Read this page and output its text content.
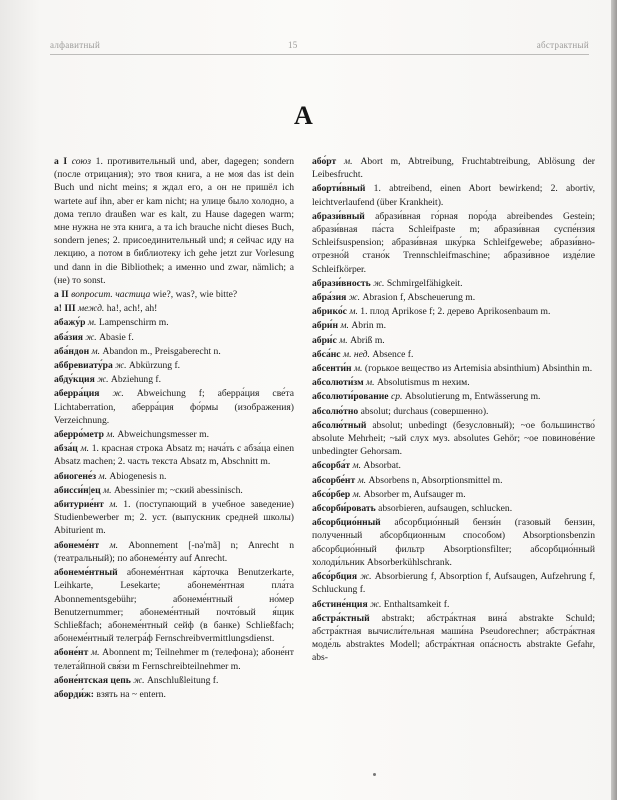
алфавитный	15	абстрактный
А

а I союз 1. противительный und, aber, dagegen; sondern (после отрицания); это твоя книга, а не моя das ist dein Buch und nicht meins; я ждал его, а он не пришёл ich wartete auf ihn, aber er kam nicht; на улице было холодно, а дома тепло draußen war es kalt, zu Hause dagegen warm; мне нужна не эта книга, а та ich brauche nicht dieses Buch, sondern jenes; 2. присоединительный und; я сейчас иду на лекцию, а потом в библиотеку ich gehe jetzt zur Vorlesung und dann in die Bibliothek; а именно und zwar, nämlich; а (не) то sonst.

а II вопросит. частица wie?, was?, wie bitte?

а! III межд. ha!, ach!, ah!

абажу́р м. Lampenschirm m.

аба́зия ж. Abasie f.

аба́ндон м. Abandon m., Preisgaberecht n.

аббревиату́ра ж. Abkürzung f.

абду́кция ж. Abziehung f.

аберра́ция ж. Abweichung f; аберра́ция све́та Lichtaberration, аберра́ция фо́рмы (изображения) Verzeichnung.

аберро́метр м. Abweichungsmesser m.

абза́ц м. 1. красная строка Absatz m; нача́ть с абза́ца einen Absatz machen; 2. часть текста Absatz m, Abschnitt m.

абиогене́з м. Abiogenesis n.

абисси́н|ец м. Abessinier m; ~ский abessinisch.

абитурие́нт м. 1. (поступающий в учебное заведение) Studienbewerber m; 2. уст. (выпускник средней школы) Abiturient m.

абонеме́нт м. Abonnement [-nə'mã] n; Anrecht n (театральный); по абонеме́нту auf Anrecht.

абонеме́нтный абонеме́нтная ка́рточка Benutzerkarte, Leihkarte, Lesekarte; абонеме́нтная пла́та Abonnementsgebühr; абонеме́нтный но́мер Benutzernummer; абонеме́нтный почто́вый я́щик Schließfach; абонеме́нтный сейф (в банке) Schließfach; абонеме́нтный телегра́ф Fernschreibvermittlungsdienst.

абоне́нт м. Abonnent m; Teilnehmer m (телефона); абоне́нт телета́йпной свя́зи m Fernschreibteilnehmer m.

абоне́нтская цепь ж. Anschlußleitung f.

аборди́ж: взять на ~ entern.

або́рт м. Abort m, Abtreibung, Fruchtabtreibung, Ablösung der Leibesfrucht.

аборти́вный 1. abtreibend, einen Abort bewirkend; 2. abortiv, leichtverlaufend (über Krankheit).

абрази́вный абрази́вная го́рная поро́да abreibendes Gestein; абрази́вная па́ста Schleifpaste m; абрази́вная суспе́нзия Schleifsuspension; абрази́вная шку́рка Schleifgewebe; абрази́вно-отрезно́й стано́к Trennschleifmaschine; абрази́вное изде́лие Schleifkörper.

абрази́вность ж. Schmirgelfähigkeit.

абра́зия ж. Abrasion f, Abscheuerung m.

абрико́с м. 1. плод Aprikose f; 2. дерево Aprikosenbaum m.

абри́н м. Abrin m.

абри́с м. Abriß m.

абса́нс м. нед. Absence f.

абсенти́н м. (горькое вещество из Artemisia absinthium) Absinthin m.

абсолюти́зм м. Absolutismus m нехим.

абсолюти́рование ср. Absolutierung m, Entwässerung m.

абсолю́тно absolut; durchaus (совершенно).

абсолю́тный absolut; unbedingt (безусловный); ~ое большинство́ absolute Mehrheit; ~ый слух муз. absolutes Gehör; ~ое повинове́ние unbedingter Gehorsam.

абсорба́т м. Absorbat.

абсорбе́нт м. Absorbens n, Absorptionsmittel m.

абсо́рбер м. Absorber m, Aufsauger m.

абсорби́ровать absorbieren, aufsaugen, schlucken.

абсорбцио́нный абсорбцио́нный бензи́н (газовый бензин, полученный абсорбционным способом) Absorptionsbenzin абсорбцио́нный фильтр Absorptionsfilter; абсорбцио́нный холоди́льник Absorberkühlschrank.

абсо́рбция ж. Absorbierung f, Absorption f, Aufsaugen, Aufzehrung f, Schluckung f.

абстине́нция ж. Enthaltsamkeit f.

абстра́ктный abstrakt; абстра́ктная вина́ abstrakte Schuld; абстра́ктная вычисли́тельная маши́на Pseudorechner; абстра́ктная моде́ль abstraktes Modell; абстра́ктная опа́сность abstrakte Gefahr, abs-
